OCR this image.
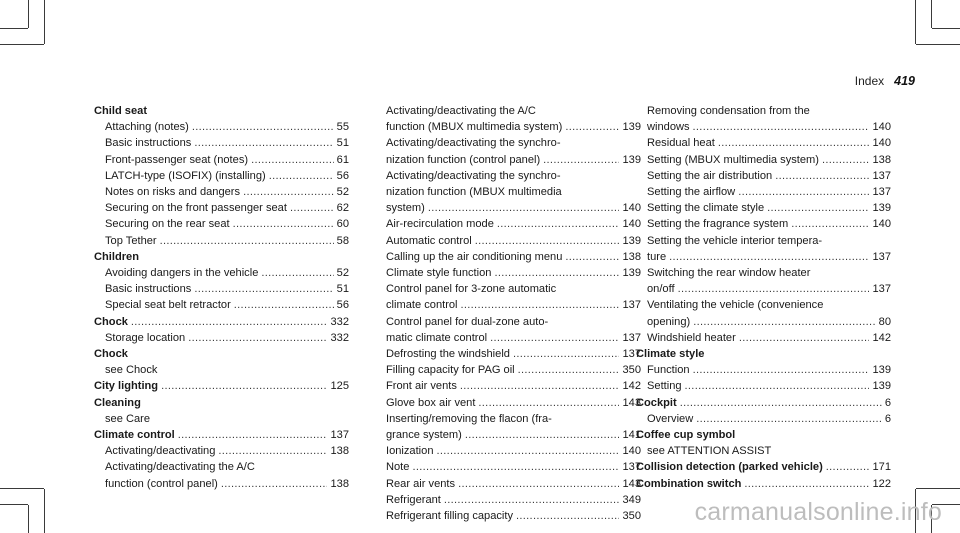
Index 419
Child seat
Attaching (notes) .....	55
Basic instructions .....	51
Front-passenger seat (notes) .....	61
LATCH-type (ISOFIX) (installing) .....	56
Notes on risks and dangers .....	52
Securing on the front passenger seat .....	62
Securing on the rear seat .....	60
Top Tether .....	58
Children
Avoiding dangers in the vehicle .....	52
Basic instructions .....	51
Special seat belt retractor .....	56
Chock .....	332
Storage location .....	332
Chock
see Chock
City lighting .....	125
Cleaning
see Care
Climate control .....	137
Activating/deactivating .....	138
Activating/deactivating the A/C
function (control panel) .....	138
Activating/deactivating the A/C
function (MBUX multimedia system) .....	139
Activating/deactivating the synchro-
nization function (control panel) .....	139
Activating/deactivating the synchro-
nization function (MBUX multimedia
system) .....	140
Air-recirculation mode .....	140
Automatic control .....	139
Calling up the air conditioning menu .....	138
Climate style function .....	139
Control panel for 3-zone automatic
climate control .....	137
Control panel for dual-zone auto-
matic climate control .....	137
Defrosting the windshield .....	137
Filling capacity for PAG oil .....	350
Front air vents .....	142
Glove box air vent .....	143
Inserting/removing the flacon (fra-
grance system) .....	141
Ionization .....	140
Note .....	137
Rear air vents .....	143
Refrigerant .....	349
Refrigerant filling capacity .....	350
Removing condensation from the
windows .....	140
Residual heat .....	140
Setting (MBUX multimedia system) .....	138
Setting the air distribution .....	137
Setting the airflow .....	137
Setting the climate style .....	139
Setting the fragrance system .....	140
Setting the vehicle interior tempera-
ture .....	137
Switching the rear window heater
on/off .....	137
Ventilating the vehicle (convenience
opening) .....	80
Windshield heater .....	142
Climate style
Function .....	139
Setting .....	139
Cockpit .....	6
Overview .....	6
Coffee cup symbol
see ATTENTION ASSIST
Collision detection (parked vehicle) .....	171
Combination switch .....	122
carmanualsonline.info
